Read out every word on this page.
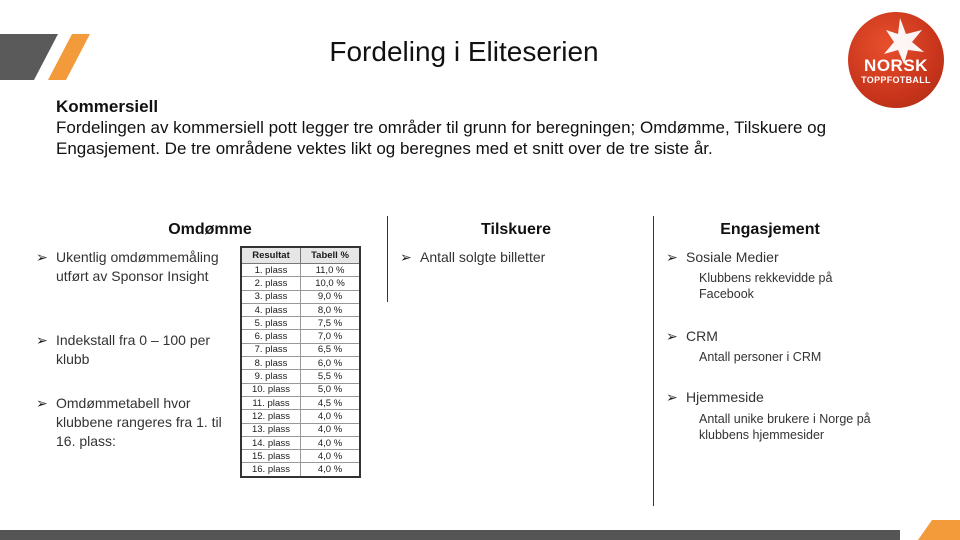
Fordeling i Eliteserien	NORSK
TOPPFOTBALL
Kommersiell
Fordelingen av kommersiell pott legger tre områder til grunn for beregningen; Omdømme, Tilskuere og Engasjement. De tre områdene vektes likt og beregnes med et snitt over de tre siste år.
Omdømme	Tilskuere	Engasjement
➢ Ukentlig omdømmemåling utført av Sponsor Insight
➢ Indekstall fra 0 – 100 per klubb
➢ Omdømmetabell hvor klubbene rangeres fra 1. til 16. plass:
Resultat	Tabell %
1. plass	11,0 %
2. plass	10,0 %
3. plass	9,0 %
4. plass	8,0 %
5. plass	7,5 %
6. plass	7,0 %
7. plass	6,5 %
8. plass	6,0 %
9. plass	5,5 %
10. plass	5,0 %
11. plass	4,5 %
12. plass	4,0 %
13. plass	4,0 %
14. plass	4,0 %
15. plass	4,0 %
16. plass	4,0 %
➢ Antall solgte billetter	➢ Sosiale Medier
Klubbens rekkevidde på Facebook
➢ CRM
Antall personer i CRM
➢ Hjemmeside
Antall unike brukere i Norge på klubbens hjemmesider
